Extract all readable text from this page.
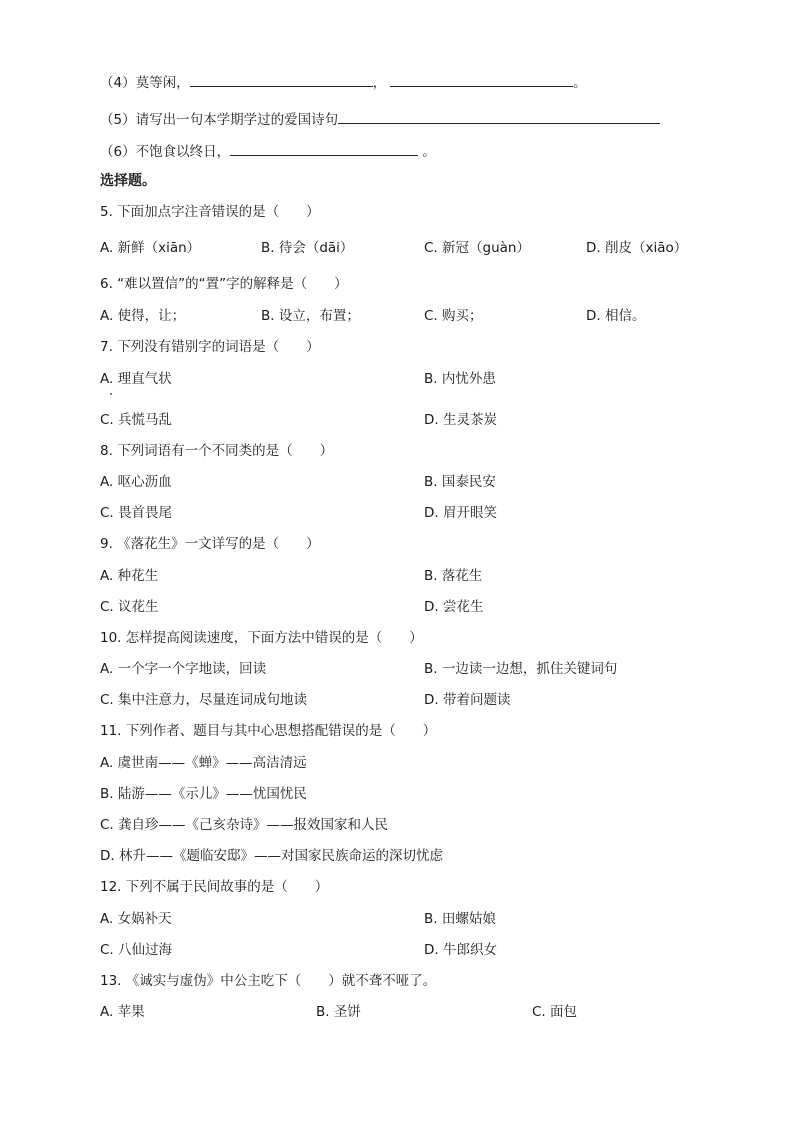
（4）莫等闲，	，	。
（5）请写出一句本学期学过的爱国诗句
（6）不饱食以终日，	。
选择题。
5. 下面加点字注音错误的是（　　）
A. 新鲜（xiān）	B. 待会（dāi）	C. 新冠（guàn）	D. 削皮（xiāo）
6. “难以置信”的“置”字的解释是（　　）
A. 使得，让；	B. 设立，布置；	C. 购买；	D. 相信。
7. 下列没有错别字的词语是（　　）
A. 理直气状	B. 内忧外患
C. 兵慌马乱	D. 生灵茶炭
8. 下列词语有一个不同类的是（　　）
A. 呕心沥血	B. 国泰民安
C. 畏首畏尾	D. 眉开眼笑
9. 《落花生》一文详写的是（　　）
A. 种花生	B. 落花生
C. 议花生	D. 尝花生
10. 怎样提高阅读速度，下面方法中错误的是（　　）
A. 一个字一个字地读，回读	B. 一边读一边想，抓住关键词句
C. 集中注意力，尽量连词成句地读	D. 带着问题读
11. 下列作者、题目与其中心思想搭配错误的是（　　）
A. 虞世南——《蝉》——高洁清远
B. 陆游——《示儿》——忧国忧民
C. 龚自珍——《己亥杂诗》——报效国家和人民
D. 林升——《题临安邸》——对国家民族命运的深切忧虑
12. 下列不属于民间故事的是（　　）
A. 女娲补天	B. 田螺姑娘
C. 八仙过海	D. 牛郎织女
13. 《诚实与虚伪》中公主吃下（　　）就不聋不哑了。
A. 苹果	B. 圣饼	C. 面包
